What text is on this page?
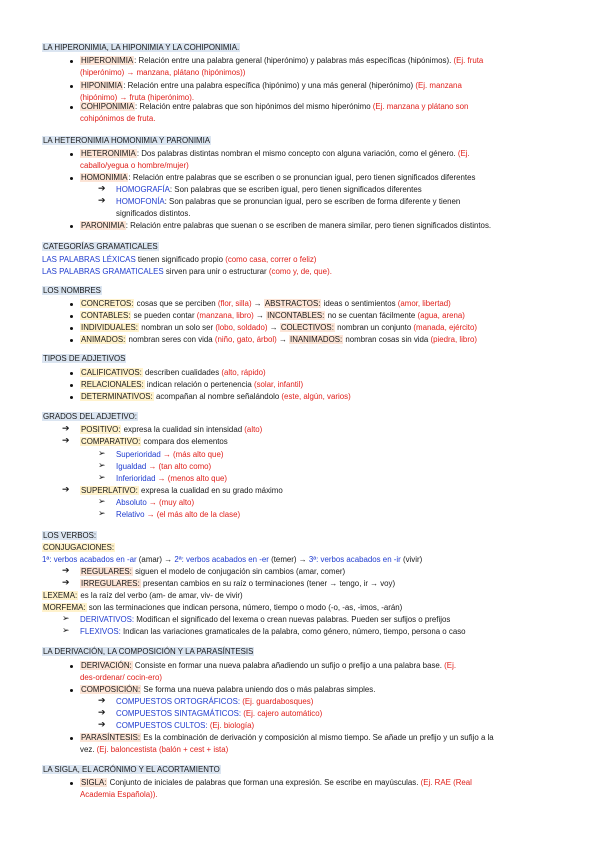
LA HIPERONIMIA, LA HIPONIMIA Y LA COHIPONIMIA.
HIPERONIMIA: Relación entre una palabra general (hiperónimo) y palabras más específicas (hipónimos). (Ej. fruta
(hiperónimo) → manzana, plátano (hipónimos))
HIPONIMIA: Relación entre una palabra específica (hipónimo) y una más general (hiperónimo) (Ej. manzana
(hipónimo) → fruta (hiperónimo).
COHIPONIMIA: Relación entre palabras que son hipónimos del mismo hiperónimo (Ej. manzana y plátano son
cohipónimos de fruta.
LA HETERONIMIA HOMONIMIA Y PARONIMIA
HETERONIMIA: Dos palabras distintas nombran el mismo concepto con alguna variación, como el género. (Ej.
caballo/yegua o hombre/mujer)
HOMONIMIA: Relación entre palabras que se escriben o se pronuncian igual, pero tienen significados diferentes
➔ HOMOGRAFÍA: Son palabras que se escriben igual, pero tienen significados diferentes
➔ HOMOFONÍA: Son palabras que se pronuncian igual, pero se escriben de forma diferente y tienen
significados distintos.
PARONIMIA: Relación entre palabras que suenan o se escriben de manera similar, pero tienen significados distintos.
CATEGORÍAS GRAMATICALES
LAS PALABRAS LÉXICAS tienen significado propio (como casa, correr o feliz)
LAS PALABRAS GRAMATICALES sirven para unir o estructurar (como y, de, que).
LOS NOMBRES
CONCRETOS: cosas que se perciben (flor, silla) → ABSTRACTOS: ideas o sentimientos (amor, libertad)
CONTABLES: se pueden contar (manzana, libro) → INCONTABLES: no se cuentan fácilmente (agua, arena)
INDIVIDUALES: nombran un solo ser (lobo, soldado) → COLECTIVOS: nombran un conjunto (manada, ejército)
ANIMADOS: nombran seres con vida (niño, gato, árbol) → INANIMADOS: nombran cosas sin vida (piedra, libro)
TIPOS DE ADJETIVOS
CALIFICATIVOS: describen cualidades (alto, rápido)
RELACIONALES: indican relación o pertenencia (solar, infantil)
DETERMINATIVOS: acompañan al nombre señalándolo (este, algún, varios)
GRADOS DEL ADJETIVO:
➔ POSITIVO: expresa la cualidad sin intensidad (alto)
➔ COMPARATIVO: compara dos elementos
➢ Superioridad → (más alto que)
➢ Igualdad → (tan alto como)
➢ Inferioridad → (menos alto que)
➔ SUPERLATIVO: expresa la cualidad en su grado máximo
➢ Absoluto → (muy alto)
➢ Relativo → (el más alto de la clase)
LOS VERBOS:
CONJUGACIONES:
1ª: verbos acabados en -ar (amar) → 2ª: verbos acabados en -er (temer) → 3ª: verbos acabados en -ir (vivir)
➔ REGULARES: siguen el modelo de conjugación sin cambios (amar, comer)
➔ IRREGULARES: presentan cambios en su raíz o terminaciones (tener → tengo, ir → voy)
LEXEMA: es la raíz del verbo (am- de amar, viv- de vivir)
MORFEMA: son las terminaciones que indican persona, número, tiempo o modo (-o, -as, -imos, -arán)
➢ DERIVATIVOS: Modifican el significado del lexema o crean nuevas palabras. Pueden ser sufijos o prefijos
➢ FLEXIVOS: Indican las variaciones gramaticales de la palabra, como género, número, tiempo, persona o caso
LA DERIVACIÓN, LA COMPOSICIÓN Y LA PARASÍNTESIS
DERIVACIÓN: Consiste en formar una nueva palabra añadiendo un sufijo o prefijo a una palabra base. (Ej.
des-ordenar/ cocin-ero)
COMPOSICIÓN: Se forma una nueva palabra uniendo dos o más palabras simples.
➔ COMPUESTOS ORTOGRÁFICOS: (Ej. guardabosques)
➔ COMPUESTOS SINTAGMÁTICOS: (Ej. cajero automático)
➔ COMPUESTOS CULTOS: (Ej. biología)
PARASÍNTESIS: Es la combinación de derivación y composición al mismo tiempo. Se añade un prefijo y un sufijo a la
vez. (Ej. baloncestista (balón + cest + ista)
LA SIGLA, EL ACRÓNIMO Y EL ACORTAMIENTO
SIGLA: Conjunto de iniciales de palabras que forman una expresión. Se escribe en mayúsculas. (Ej. RAE (Real
Academia Española)).
